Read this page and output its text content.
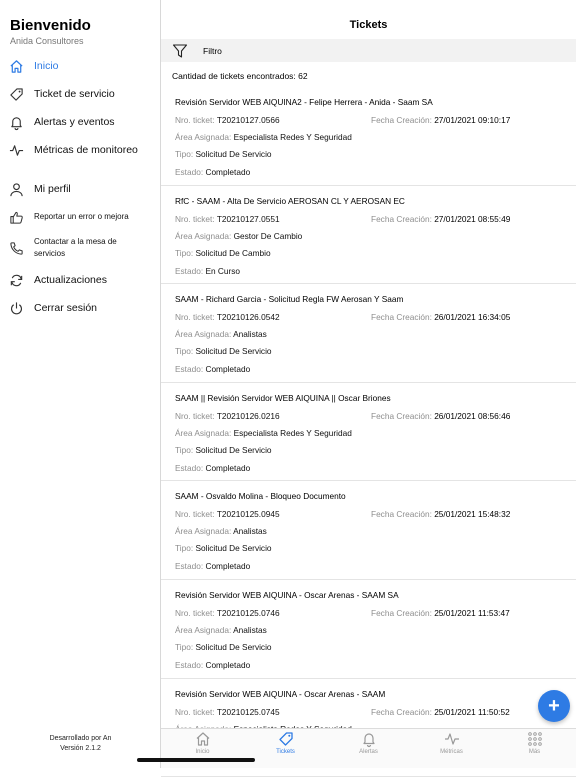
Bienvenido
Anida Consultores
Inicio
Ticket de servicio
Alertas y eventos
Métricas de monitoreo
Mi perfil
Reportar un error o mejora
Contactar a la mesa de servicios
Actualizaciones
Cerrar sesión
Desarrollado por An
Versión 2.1.2
Tickets
Filtro
Cantidad de tickets encontrados: 62
Revisión Servidor WEB AIQUINA2 - Felipe Herrera - Anida - Saam SA
Nro. ticket: T20210127.0566	Fecha Creación: 27/01/2021 09:10:17
Área Asignada: Especialista Redes Y Seguridad
Tipo: Solicitud De Servicio
Estado: Completado
RfC - SAAM - Alta De Servicio AEROSAN CL Y AEROSAN EC
Nro. ticket: T20210127.0551	Fecha Creación: 27/01/2021 08:55:49
Área Asignada: Gestor De Cambio
Tipo: Solicitud De Cambio
Estado: En Curso
SAAM - Richard Garcia - Solicitud Regla FW Aerosan Y Saam
Nro. ticket: T20210126.0542	Fecha Creación: 26/01/2021 16:34:05
Área Asignada: Analistas
Tipo: Solicitud De Servicio
Estado: Completado
SAAM || Revisión Servidor WEB AIQUINA || Oscar Briones
Nro. ticket: T20210126.0216	Fecha Creación: 26/01/2021 08:56:46
Área Asignada: Especialista Redes Y Seguridad
Tipo: Solicitud De Servicio
Estado: Completado
SAAM - Osvaldo Molina - Bloqueo Documento
Nro. ticket: T20210125.0945	Fecha Creación: 25/01/2021 15:48:32
Área Asignada: Analistas
Tipo: Solicitud De Servicio
Estado: Completado
Revisión Servidor WEB AIQUINA - Oscar Arenas - SAAM SA
Nro. ticket: T20210125.0746	Fecha Creación: 25/01/2021 11:53:47
Área Asignada: Analistas
Tipo: Solicitud De Servicio
Estado: Completado
Revisión Servidor WEB AIQUINA - Oscar Arenas - SAAM
Nro. ticket: T20210125.0745	Fecha Creación: 25/01/2021 11:50:52	+
Inicio	Tickets	Alertas	Métricas	Más
